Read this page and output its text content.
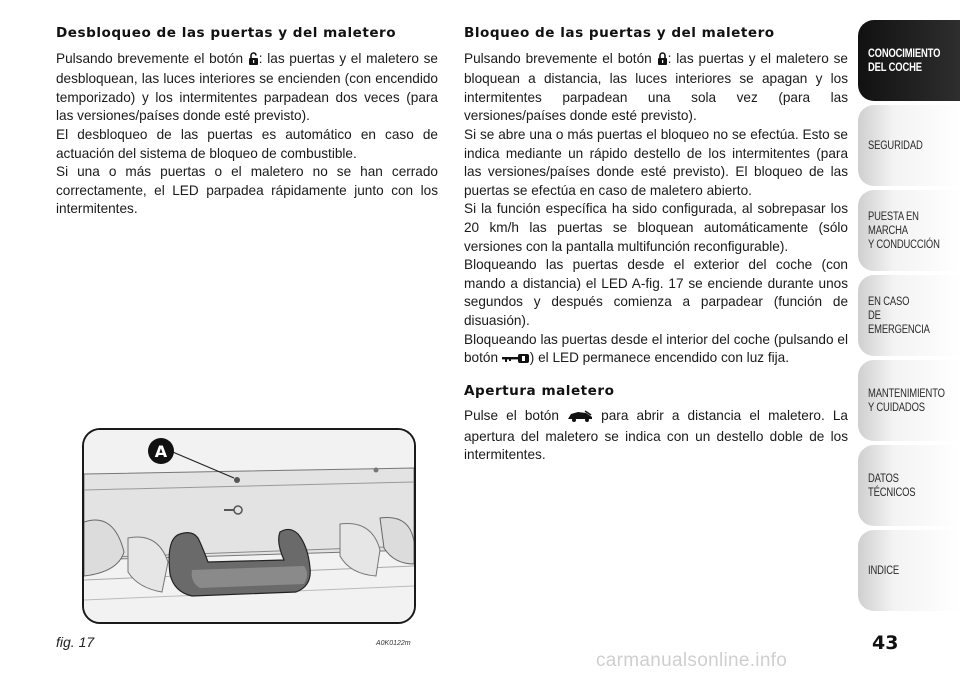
Desbloqueo de las puertas y del maletero

Pulsando brevemente el botón : las puertas y el maletero se desbloquean, las luces interiores se encienden (con encendido temporizado) y los intermitentes parpadean dos veces (para las versiones/países donde esté previsto).

El desbloqueo de las puertas es automático en caso de actuación del sistema de bloqueo de combustible.

Si una o más puertas o el maletero no se han cerrado correctamente, el LED parpadea rápidamente junto con los intermitentes.

Bloqueo de las puertas y del maletero

Pulsando brevemente el botón : las puertas y el maletero se bloquean a distancia, las luces interiores se apagan y los intermitentes parpadean una sola vez (para las versiones/países donde esté previsto).

Si se abre una o más puertas el bloqueo no se efectúa. Esto se indica mediante un rápido destello de los intermitentes (para las versiones/países donde esté previsto). El bloqueo de las puertas se efectúa en caso de maletero abierto.

Si la función específica ha sido configurada, al sobrepasar los 20 km/h las puertas se bloquean automáticamente (sólo versiones con la pantalla multifunción reconfigurable).

Bloqueando las puertas desde el exterior del coche (con mando a distancia) el LED A-fig. 17 se enciende durante unos segundos y después comienza a parpadear (función de disuasión).

Bloqueando las puertas desde el interior del coche (pulsando el botón ) el LED permanece encendido con luz fija.

Apertura maletero

Pulse el botón  para abrir a distancia el maletero. La apertura del maletero se indica con un destello doble de los intermitentes.

A
fig. 17	A0K0122m
CONOCIMIENTO
DEL COCHE
SEGURIDAD
PUESTA EN MARCHA
Y CONDUCCIÓN
EN CASO
DE EMERGENCIA
MANTENIMIENTO
Y CUIDADOS
DATOS TÉCNICOS
INDICE
43
carmanualsonline.info
